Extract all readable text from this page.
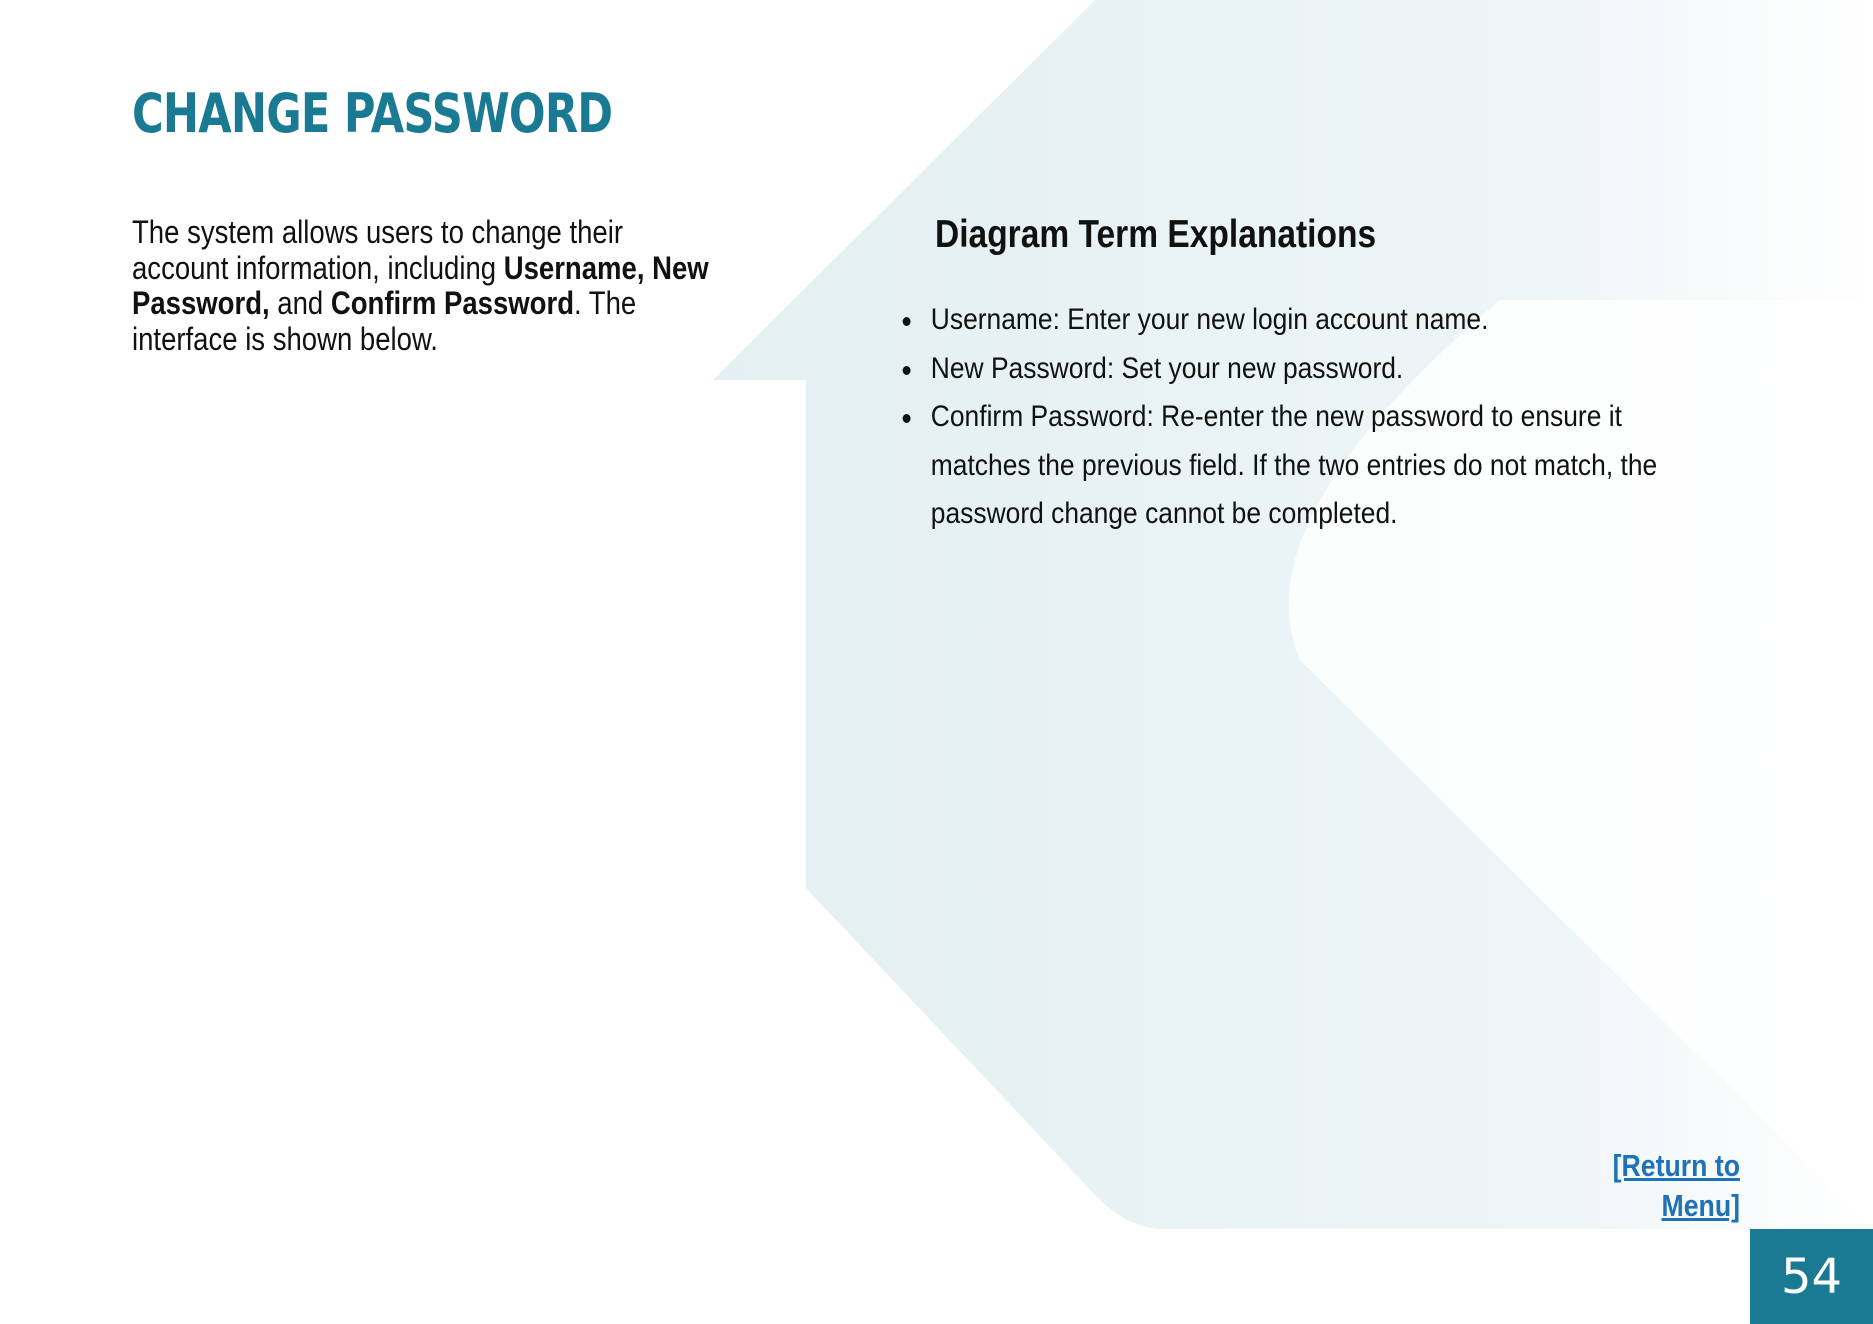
CHANGE PASSWORD

The system allows users to change their account information, including Username, New Password, and Confirm Password. The interface is shown below.

Diagram Term Explanations
Username: Enter your new login account name.
New Password: Set your new password.
Confirm Password: Re-enter the new password to ensure it matches the previous field. If the two entries do not match, the password change cannot be completed.
[Return to Menu]
54
